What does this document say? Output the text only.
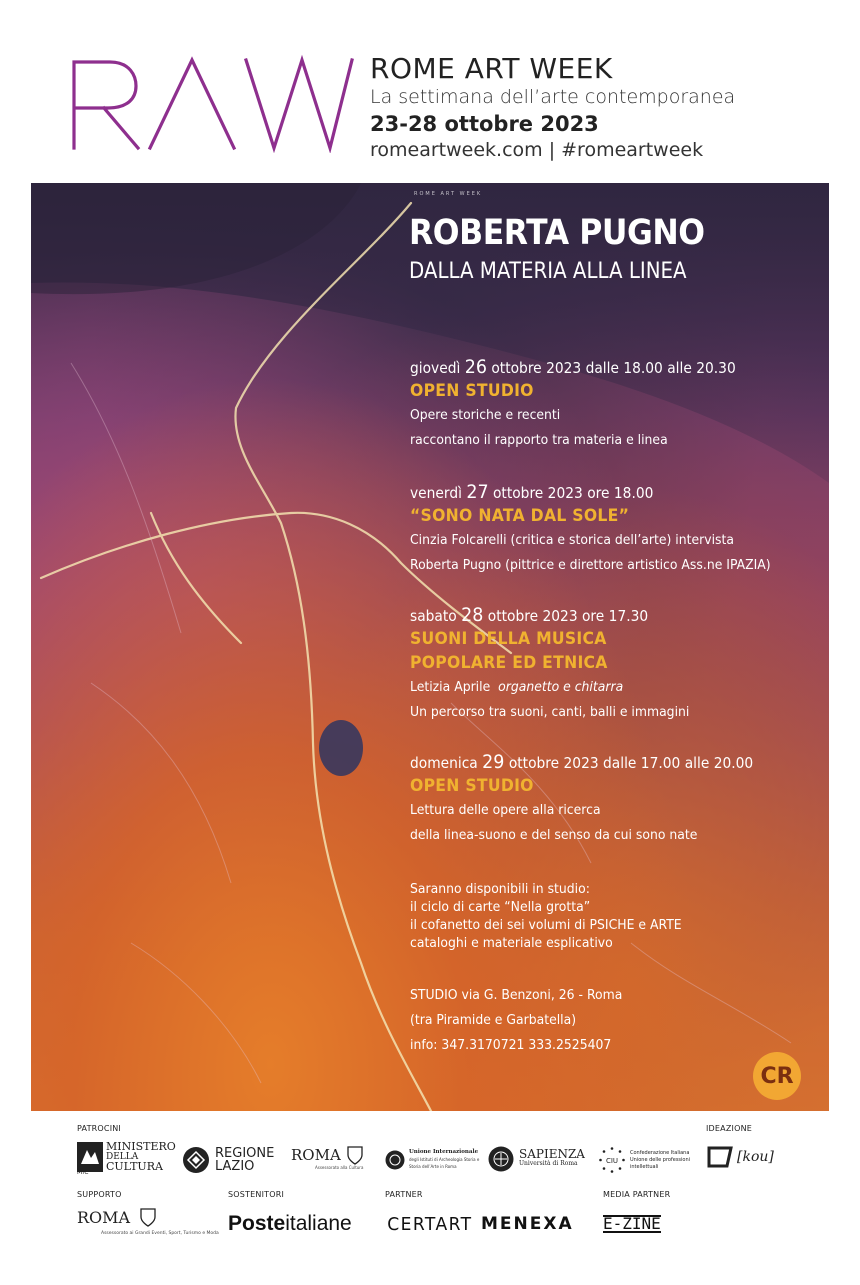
ROME ART WEEK
La settimana dell’arte contemporanea
23-28 ottobre 2023
romeartweek.com | #romeartweek
ROME ART WEEK
ROBERTA PUGNO
DALLA MATERIA ALLA LINEA
giovedì 26 ottobre 2023 dalle 18.00 alle 20.30
OPEN STUDIO
Opere storiche e recenti
raccontano il rapporto tra materia e linea
venerdì 27 ottobre 2023 ore 18.00
“SONO NATA DAL SOLE”
Cinzia Folcarelli (critica e storica dell’arte) intervista
Roberta Pugno (pittrice e direttore artistico Ass.ne IPAZIA)
sabato 28 ottobre 2023 ore 17.30
SUONI DELLA MUSICA
POPOLARE ED ETNICA
Letizia Aprile organetto e chitarra
Un percorso tra suoni, canti, balli e immagini
domenica 29 ottobre 2023 dalle 17.00 alle 20.00
OPEN STUDIO
Lettura delle opere alla ricerca
della linea-suono e del senso da cui sono nate
Saranno disponibili in studio:
il ciclo di carte “Nella grotta”
il cofanetto dei sei volumi di PSICHE e ARTE
cataloghi e materiale esplicativo
STUDIO via G. Benzoni, 26 - Roma
(tra Piramide e Garbatella)
info: 347.3170721 333.2525407
CR
PATROCINI	IDEAZIONE
SUPPORTO	SOSTENITORI	PARTNER	MEDIA PARTNER
MINISTERO
DELLA
CULTURA
MiC
REGIONE
LAZIO
ROMA
Assessorato alla Cultura
Unione Internazionale
degli Istituti di Archeologia Storia e Storia dell’Arte in Roma
SAPIENZA
Università di Roma	CIU
Confederazione Italiana Unione delle professioni intellettuali
[kou]
ROMA
Assessorato ai Grandi Eventi, Sport, Turismo e Moda Poste italiane CERTART MENEXA E-ZINE
